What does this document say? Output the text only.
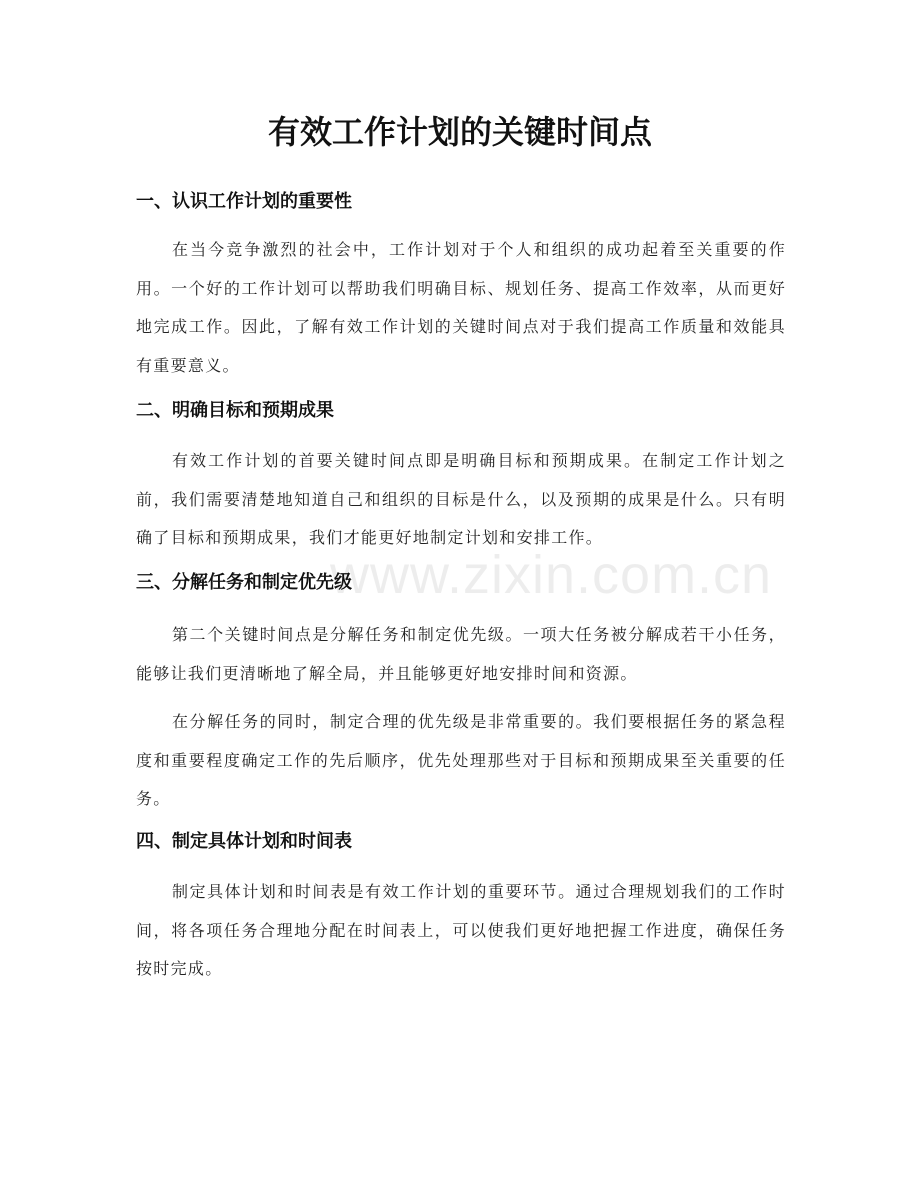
www.zixin.com.cn
有效工作计划的关键时间点
一、认识工作计划的重要性

在当今竞争激烈的社会中，工作计划对于个人和组织的成功起着至关重要的作用。一个好的工作计划可以帮助我们明确目标、规划任务、提高工作效率，从而更好地完成工作。因此，了解有效工作计划的关键时间点对于我们提高工作质量和效能具有重要意义。

二、明确目标和预期成果

有效工作计划的首要关键时间点即是明确目标和预期成果。在制定工作计划之前，我们需要清楚地知道自己和组织的目标是什么，以及预期的成果是什么。只有明确了目标和预期成果，我们才能更好地制定计划和安排工作。

三、分解任务和制定优先级

第二个关键时间点是分解任务和制定优先级。一项大任务被分解成若干小任务，能够让我们更清晰地了解全局，并且能够更好地安排时间和资源。

在分解任务的同时，制定合理的优先级是非常重要的。我们要根据任务的紧急程度和重要程度确定工作的先后顺序，优先处理那些对于目标和预期成果至关重要的任务。

四、制定具体计划和时间表

制定具体计划和时间表是有效工作计划的重要环节。通过合理规划我们的工作时间，将各项任务合理地分配在时间表上，可以使我们更好地把握工作进度，确保任务按时完成。
